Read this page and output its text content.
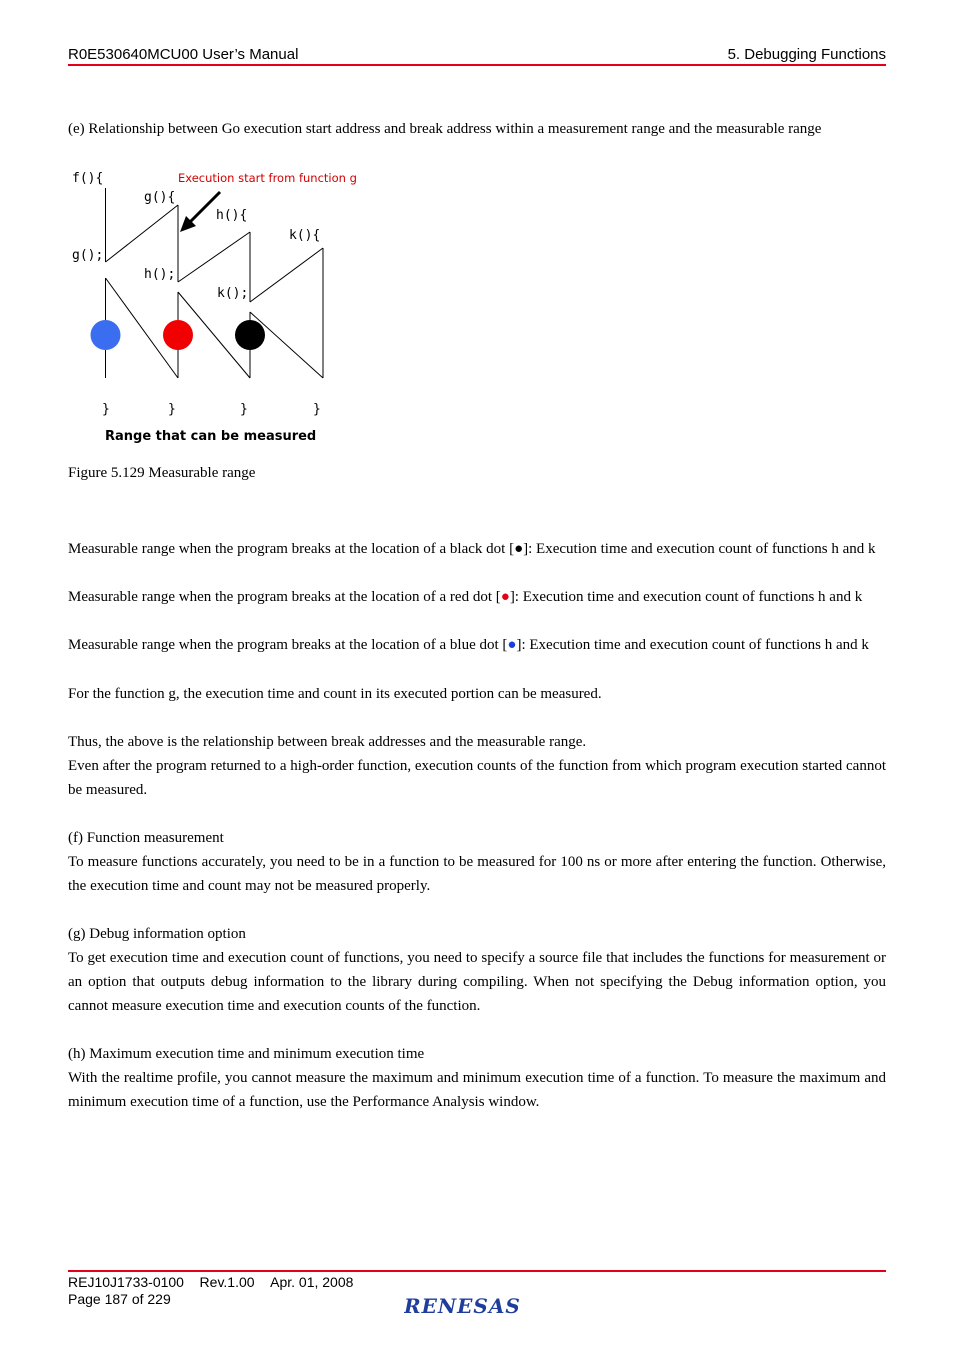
R0E530640MCU00 User’s Manual	5. Debugging Functions

(e) Relationship between Go execution start address and break address within a measurement range and the measurable range

f(){
g(){
h(){
k(){
g();
h();
k();
}	}	}	}
Execution start from function g
Range that can be measured
Figure 5.129 Measurable range

Measurable range when the program breaks at the location of a black dot [●]: Execution time and execution count of functions h and k

Measurable range when the program breaks at the location of a red dot [●]: Execution time and execution count of functions h and k

Measurable range when the program breaks at the location of a blue dot [●]: Execution time and execution count of functions h and k

For the function g, the execution time and count in its executed portion can be measured.

Thus, the above is the relationship between break addresses and the measurable range.

Even after the program returned to a high-order function, execution counts of the function from which program execution started cannot be measured.

(f) Function measurement

To measure functions accurately, you need to be in a function to be measured for 100 ns or more after entering the function. Otherwise, the execution time and count may not be measured properly.

(g) Debug information option

To get execution time and execution count of functions, you need to specify a source file that includes the functions for measurement or an option that outputs debug information to the library during compiling. When not specifying the Debug information option, you cannot measure execution time and execution counts of the function.

(h) Maximum execution time and minimum execution time

With the realtime profile, you cannot measure the maximum and minimum execution time of a function. To measure the maximum and minimum execution time of a function, use the Performance Analysis window.

REJ10J1733-0100 Rev.1.00 Apr. 01, 2008
Page 187 of 229	RENESAS
